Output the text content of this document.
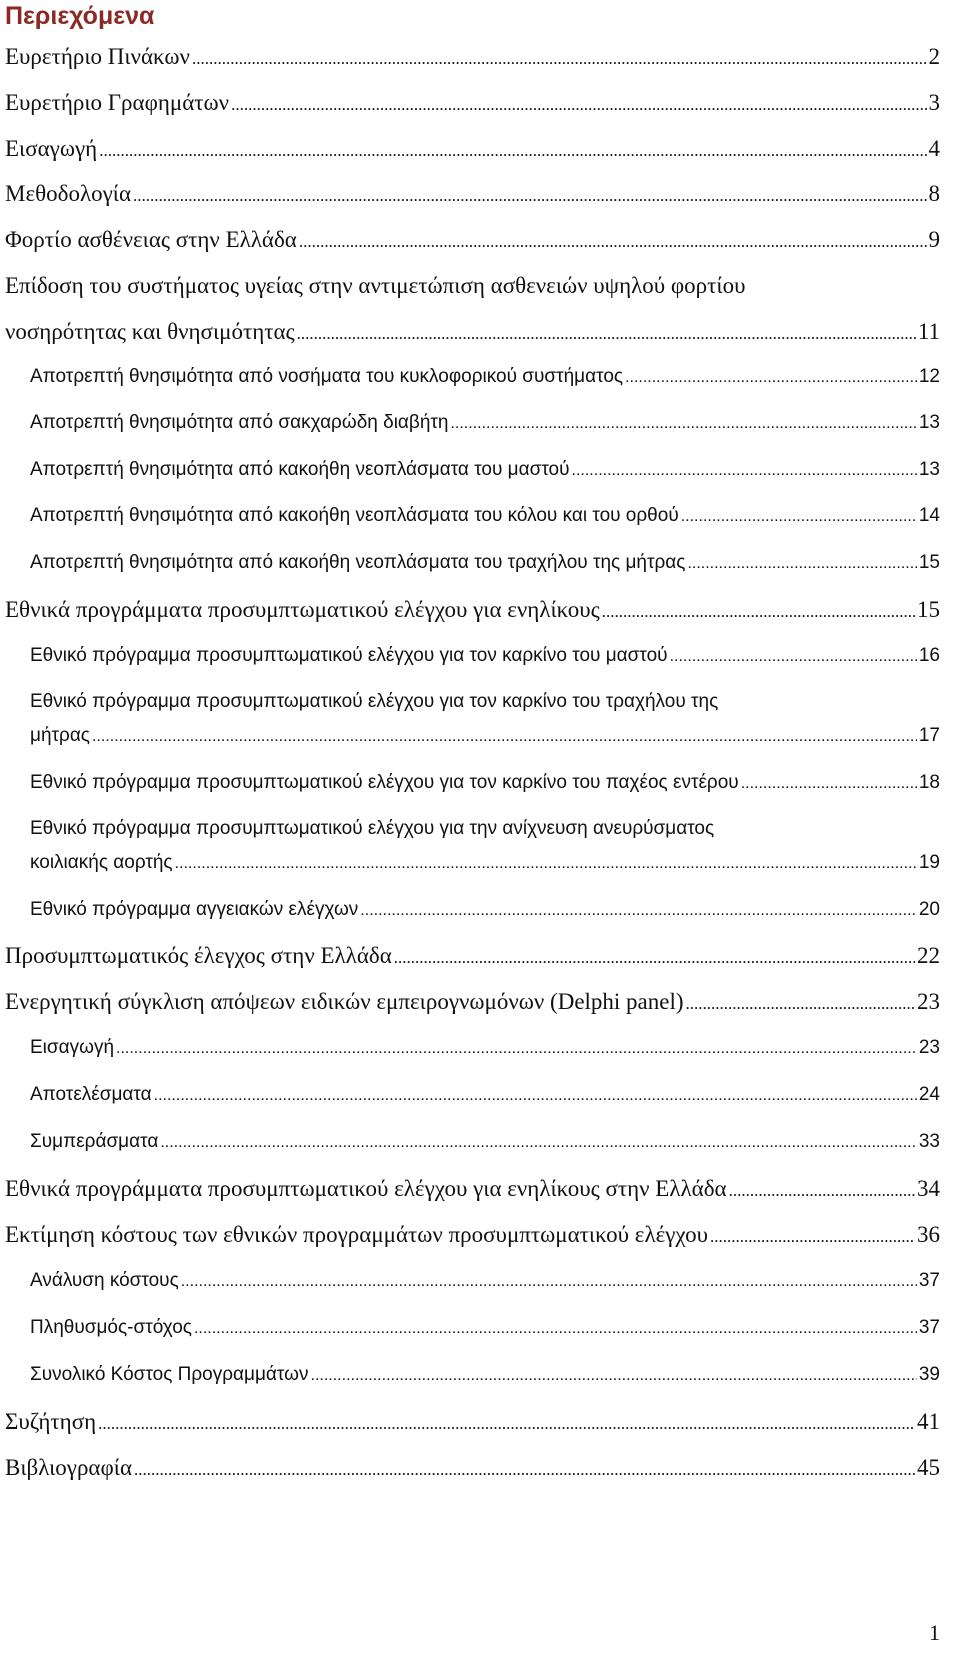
Περιεχόμενα
Ευρετήριο Πινάκων .....	2
Ευρετήριο Γραφημάτων .....	3
Εισαγωγή .....	4
Μεθοδολογία .....	8
Φορτίο ασθένειας στην Ελλάδα .....	9
Επίδοση του συστήματος υγείας στην αντιμετώπιση ασθενειών υψηλού φορτίου
νοσηρότητας και θνησιμότητας .....	11
Αποτρεπτή θνησιμότητα από νοσήματα του κυκλοφορικού συστήματος .....	12
Αποτρεπτή θνησιμότητα από σακχαρώδη διαβήτη .....	13
Αποτρεπτή θνησιμότητα από κακοήθη νεοπλάσματα του μαστού .....	13
Αποτρεπτή θνησιμότητα από κακοήθη νεοπλάσματα του κόλου και του ορθού .....	14
Αποτρεπτή θνησιμότητα από κακοήθη νεοπλάσματα του τραχήλου της μήτρας .....	15
Εθνικά προγράμματα προσυμπτωματικού ελέγχου για ενηλίκους .....	15
Εθνικό πρόγραμμα προσυμπτωματικού ελέγχου για τον καρκίνο του μαστού .....	16
Εθνικό πρόγραμμα προσυμπτωματικού ελέγχου για τον καρκίνο του τραχήλου της
μήτρας .....	17
Εθνικό πρόγραμμα προσυμπτωματικού ελέγχου για τον καρκίνο του παχέος εντέρου .....	18
Εθνικό πρόγραμμα προσυμπτωματικού ελέγχου για την ανίχνευση ανευρύσματος
κοιλιακής αορτής .....	19
Εθνικό πρόγραμμα αγγειακών ελέγχων .....	20
Προσυμπτωματικός έλεγχος στην Ελλάδα .....	22
Ενεργητική σύγκλιση απόψεων ειδικών εμπειρογνωμόνων (Delphi panel) .....	23
Εισαγωγή .....	23
Αποτελέσματα .....	24
Συμπεράσματα .....	33
Εθνικά προγράμματα προσυμπτωματικού ελέγχου για ενηλίκους στην Ελλάδα .....	34
Εκτίμηση κόστους των εθνικών προγραμμάτων προσυμπτωματικού ελέγχου .....	36
Ανάλυση κόστους .....	37
Πληθυσμός-στόχος .....	37
Συνολικό Κόστος Προγραμμάτων .....	39
Συζήτηση .....	41
Βιβλιογραφία .....	45
1
